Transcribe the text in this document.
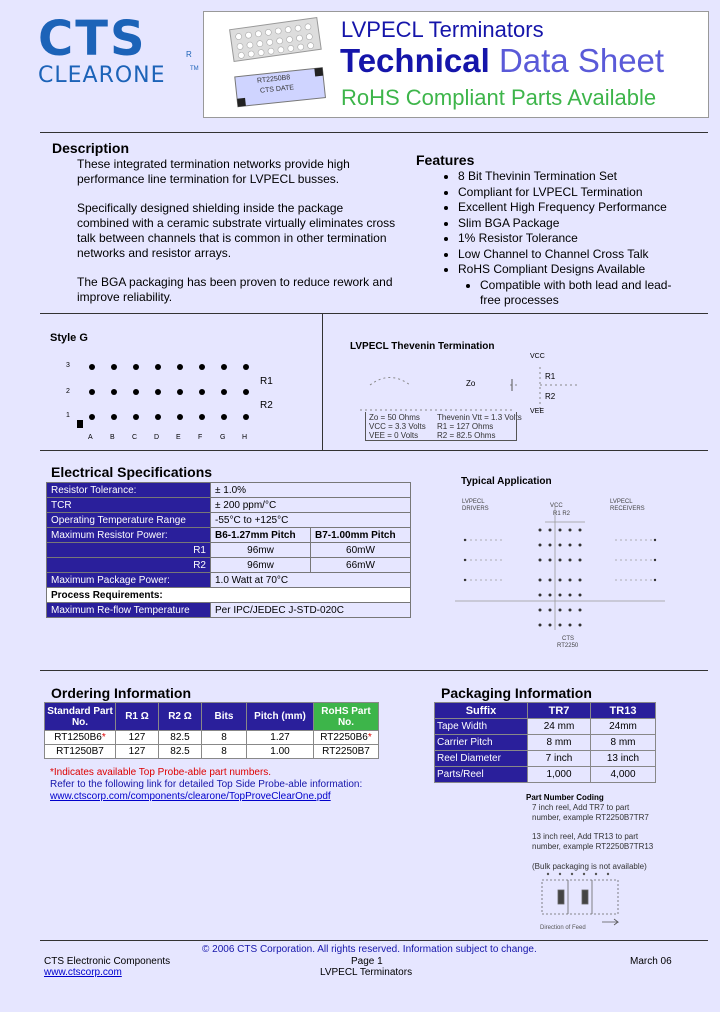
CTS	R
CLEARONE	TM
RT2250B8
CTS DATE
LVPECL Terminators
Technical Data Sheet
RoHS Compliant Parts Available
Description

These integrated termination networks provide high performance line termination for LVPECL busses.

Specifically designed shielding inside the package combined with a ceramic substrate virtually eliminates cross talk between channels that is common in other termination networks and resistor arrays.

The BGA packaging has been proven to reduce rework and improve reliability.

Features
• 8 Bit Thevinin Termination Set
• Compliant for LVPECL Termination
• Excellent High Frequency Performance
• Slim BGA Package
• 1% Resistor Tolerance
• Low Channel to Channel Cross Talk
• RoHS Compliant Designs Available
• Compatible with both lead and lead-free processes
Style G
3
2
1
A B C D E F	G H
R1
R2
LVPECL Thevenin Termination
VCC
Zo
R1
R2
VEE
Zo = 50 Ohms
VCC = 3.3 Volts
VEE = 0 Volts
Thevenin Vtt = 1.3 Volts
R1 = 127 Ohms
R2 = 82.5 Ohms
Electrical Specifications
Resistor Tolerance:	± 1.0%	
TCR	± 200 ppm/°C	
Operating Temperature Range	-55°C to +125°C	
Maximum Resistor Power:	B6-1.27mm Pitch	B7-1.00mm Pitch
R1	96mw	60mW
R2	96mw	66mW
Maximum Package Power:	1.0 Watt at 70°C	
Process Requirements:		
Maximum Re-flow Temperature	Per IPC/JEDEC J-STD-020C	
Typical Application
LVPECL DRIVERS
LVPECL RECEIVERS
VCC
R1 R2
CTS
RT2250
Ordering Information
Standard Part No.	R1 Ω	R2 Ω	Bits	Pitch (mm)	RoHS Part No.
RT1250B6*	127	82.5	8	1.27	RT2250B6*
RT1250B7	127	82.5	8	1.00	RT2250B7
*Indicates available Top Probe-able part numbers.
Refer to the following link for detailed Top Side Probe-able information:
www.ctscorp.com/components/clearone/TopProveClearOne.pdf
Packaging Information
Suffix	TR7	TR13
Tape Width	24 mm	24mm
Carrier Pitch	8 mm	8 mm
Reel Diameter	7 inch	13 inch
Parts/Reel	1,000	4,000
Part Number Coding
7 inch reel, Add TR7 to part
number, example RT2250B7TR7
13 inch reel, Add TR13 to part
number, example RT2250B7TR13
(Bulk packaging is not available)
Direction of Feed
© 2006 CTS Corporation. All rights reserved. Information subject to change.
CTS Electronic Components	Page 1	March 06
www.ctscorp.com	LVPECL Terminators
